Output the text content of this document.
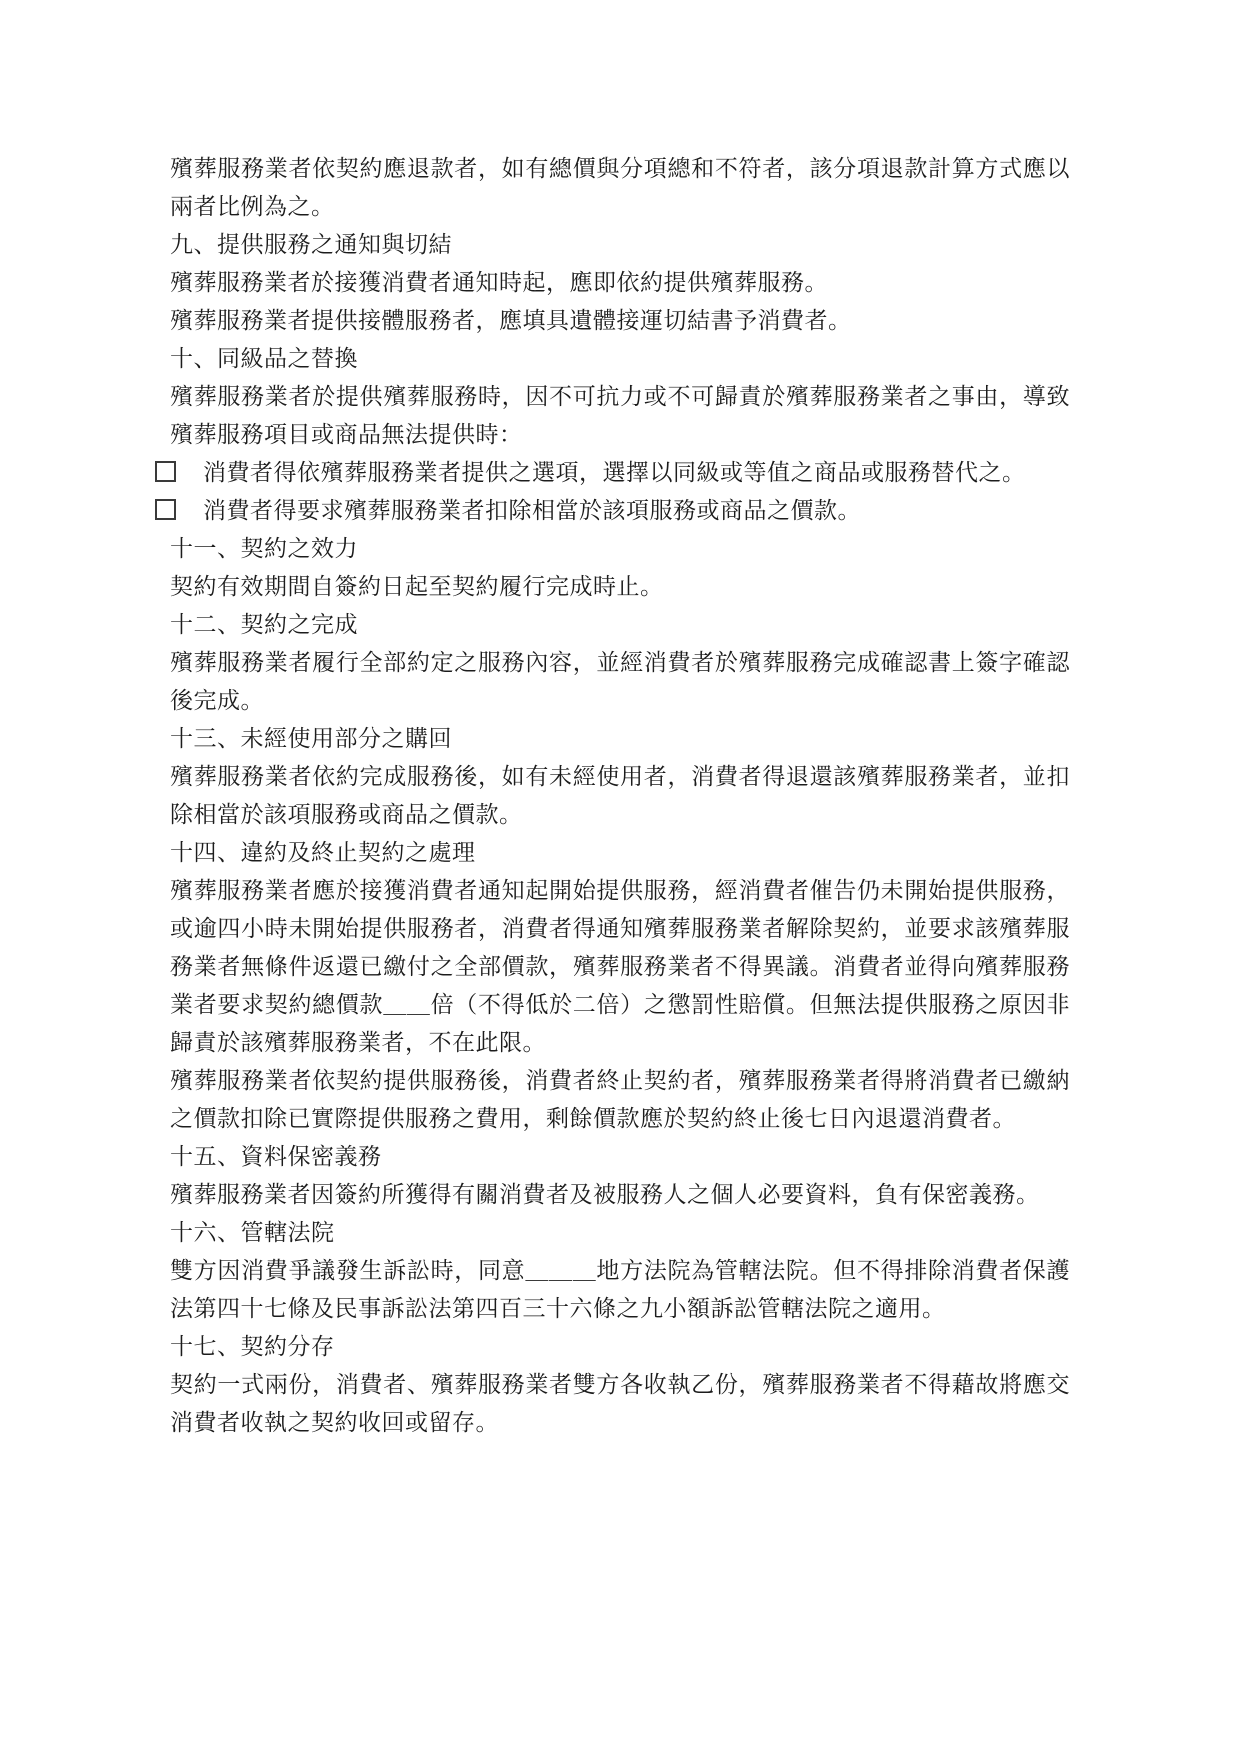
殯葬服務業者依契約應退款者，如有總價與分項總和不符者，該分項退款計算方式應以兩者比例為之。

九、提供服務之通知與切結

殯葬服務業者於接獲消費者通知時起，應即依約提供殯葬服務。

殯葬服務業者提供接體服務者，應填具遺體接運切結書予消費者。

十、同級品之替換

殯葬服務業者於提供殯葬服務時，因不可抗力或不可歸責於殯葬服務業者之事由，導致殯葬服務項目或商品無法提供時：

消費者得依殯葬服務業者提供之選項，選擇以同級或等值之商品或服務替代之。

消費者得要求殯葬服務業者扣除相當於該項服務或商品之價款。

十一、契約之效力

契約有效期間自簽約日起至契約履行完成時止。

十二、契約之完成

殯葬服務業者履行全部約定之服務內容，並經消費者於殯葬服務完成確認書上簽字確認後完成。

十三、未經使用部分之購回

殯葬服務業者依約完成服務後，如有未經使用者，消費者得退還該殯葬服務業者，並扣除相當於該項服務或商品之價款。

十四、違約及終止契約之處理

殯葬服務業者應於接獲消費者通知起開始提供服務，經消費者催告仍未開始提供服務，或逾四小時未開始提供服務者，消費者得通知殯葬服務業者解除契約，並要求該殯葬服務業者無條件返還已繳付之全部價款，殯葬服務業者不得異議。消費者並得向殯葬服務業者要求契約總價款＿＿倍（不得低於二倍）之懲罰性賠償。但無法提供服務之原因非歸責於該殯葬服務業者，不在此限。

殯葬服務業者依契約提供服務後，消費者終止契約者，殯葬服務業者得將消費者已繳納之價款扣除已實際提供服務之費用，剩餘價款應於契約終止後七日內退還消費者。

十五、資料保密義務

殯葬服務業者因簽約所獲得有關消費者及被服務人之個人必要資料，負有保密義務。

十六、管轄法院

雙方因消費爭議發生訴訟時，同意＿＿＿地方法院為管轄法院。但不得排除消費者保護法第四十七條及民事訴訟法第四百三十六條之九小額訴訟管轄法院之適用。

十七、契約分存

契約一式兩份，消費者、殯葬服務業者雙方各收執乙份，殯葬服務業者不得藉故將應交消費者收執之契約收回或留存。
